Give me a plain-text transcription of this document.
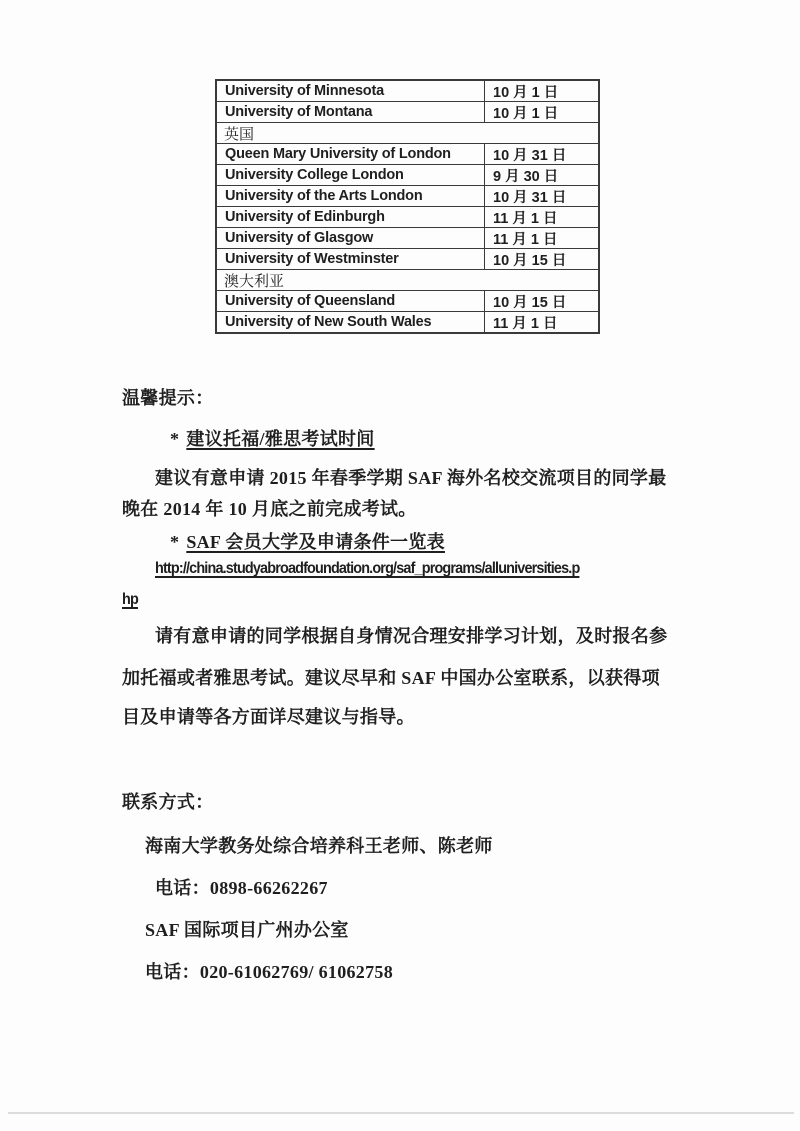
University of Minnesota	10 月 1 日
University of Montana	10 月 1 日
英国
Queen Mary University of London	10 月 31 日
University College London	9 月 30 日
University of the Arts London	10 月 31 日
University of Edinburgh	11 月 1 日
University of Glasgow	11 月 1 日
University of Westminster	10 月 15 日
澳大利亚
University of Queensland	10 月 15 日
University of New South Wales	11 月 1 日
温馨提示：
* 建议托福/雅思考试时间
建议有意申请 2015 年春季学期 SAF 海外名校交流项目的同学最
晚在 2014 年 10 月底之前完成考试。
* SAF 会员大学及申请条件一览表
http://china.studyabroadfoundation.org/saf_programs/alluniversities.p
hp
请有意申请的同学根据自身情况合理安排学习计划，及时报名参
加托福或者雅思考试。建议尽早和 SAF 中国办公室联系，以获得项
目及申请等各方面详尽建议与指导。
联系方式：
海南大学教务处综合培养科王老师、陈老师
电话：0898-66262267
SAF 国际项目广州办公室
电话：020-61062769/ 61062758
